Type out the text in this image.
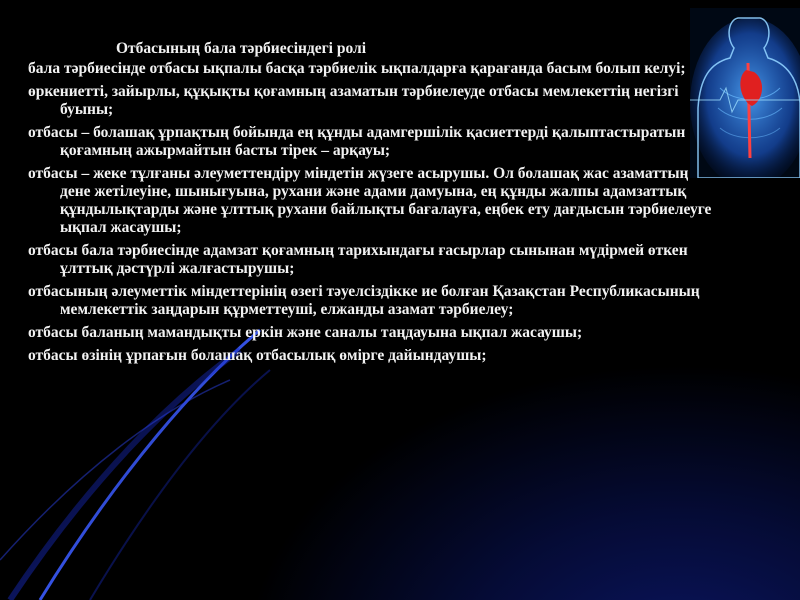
Отбасының бала тәрбиесіндегі ролі
бала тәрбиесінде отбасы ықпалы басқа тәрбиелік ықпалдарға қарағанда басым болып келуі;
өркениетті, зайырлы, құқықты қоғамның азаматын тәрбиелеуде отбасы мемлекеттің негізгі буыны;
отбасы – болашақ ұрпақтың бойында ең құнды адамгершілік қасиеттерді қалыптастыратын қоғамның ажырмайтын басты тірек – арқауы;
отбасы – жеке тұлғаны әлеуметтендіру міндетін жүзеге асырушы. Ол болашақ жас азаматтың дене жетілеуіне, шынығуына, рухани және адами дамуына, ең құнды жалпы адамзаттық құндылықтарды және ұлттық рухани байлықты бағалауға, еңбек ету дағдысын тәрбиелеуге ықпал жасаушы;
отбасы бала тәрбиесінде адамзат қоғамның тарихындағы ғасырлар сынынан мүдірмей өткен ұлттық дәстүрлі жалғастырушы;
отбасының әлеуметтік міндеттерінің өзегі тәуелсіздікке ие болған Қазақстан Республикасының мемлекеттік заңдарын құрметтеуші, елжанды азамат тәрбиелеу;
отбасы баланың мамандықты еркін және саналы таңдауына ықпал жасаушы;
отбасы өзінің ұрпағын болашақ отбасылық өмірге дайындаушы;
